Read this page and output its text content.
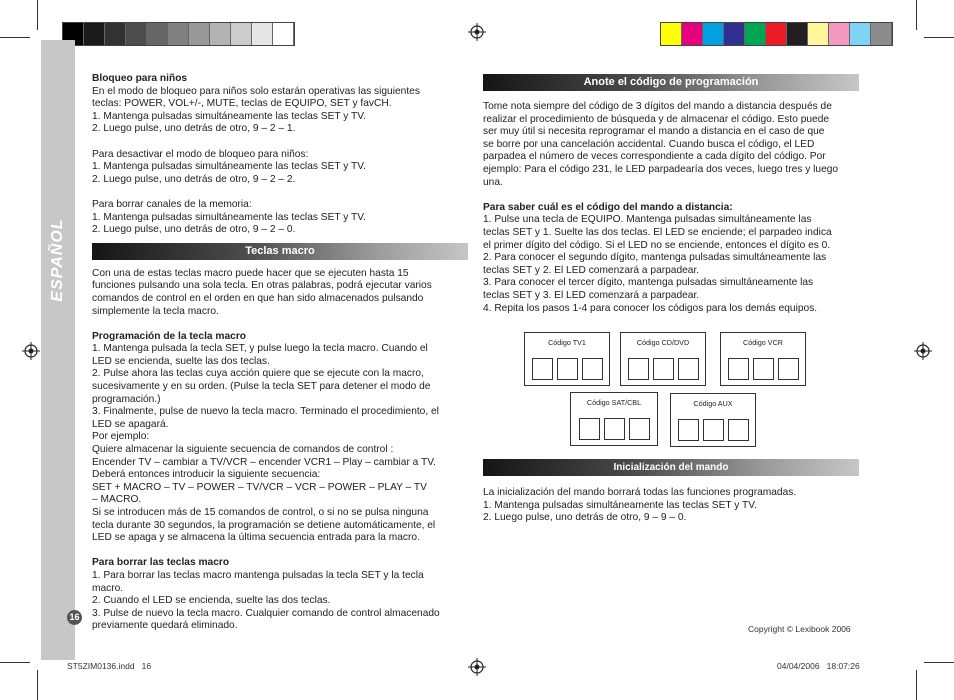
ESPAÑOL
16

Bloqueo para niños

En el modo de bloqueo para niños solo estarán operativas las siguientes

teclas: POWER, VOL+/-, MUTE, teclas de EQUIPO, SET y favCH.

1. Mantenga pulsadas simultáneamente las teclas SET y TV.

2. Luego pulse, uno detrás de otro, 9 – 2 – 1.

Para desactivar el modo de bloqueo para niños:

1. Mantenga pulsadas simultáneamente las teclas SET y TV.

2. Luego pulse, uno detrás de otro, 9 – 2 – 2.

Para borrar canales de la memoria:

1. Mantenga pulsadas simultáneamente las teclas SET y TV.

2. Luego pulse, uno detrás de otro, 9 – 2 – 0.

Teclas macro

Con una de estas teclas macro puede hacer que se ejecuten hasta 15

funciones pulsando una sola tecla. En otras palabras, podrá ejecutar varios

comandos de control en el orden en que han sido almacenados pulsando

simplemente la tecla macro.

Programación de la tecla macro

1. Mantenga pulsada la tecla SET, y pulse luego la tecla macro. Cuando el

LED se encienda, suelte las dos teclas.

2. Pulse ahora las teclas cuya acción quiere que se ejecute con la macro,

sucesivamente y en su orden. (Pulse la tecla SET para detener el modo de

programación.)

3. Finalmente, pulse de nuevo la tecla macro. Terminado el procedimiento, el

LED se apagará.

Por ejemplo:

Quiere almacenar la siguiente secuencia de comandos de control :

Encender TV – cambiar a TV/VCR – encender VCR1 – Play – cambiar a TV.

Deberá entonces introducir la siguiente secuencia:

SET + MACRO – TV – POWER – TV/VCR – VCR – POWER – PLAY – TV

– MACRO.

Si se introducen más de 15 comandos de control, o si no se pulsa ninguna

tecla durante 30 segundos, la programación se detiene automáticamente, el

LED se apaga y se almacena la última secuencia entrada para la macro.

Para borrar las teclas macro

1. Para borrar las teclas macro mantenga pulsadas la tecla SET y la tecla

macro.

2. Cuando el LED se encienda, suelte las dos teclas.

3. Pulse de nuevo la tecla macro. Cualquier comando de control almacenado

previamente quedará eliminado.

Anote el código de programación

Tome nota siempre del código de 3 dígitos del mando a distancia después de

realizar el procedimiento de búsqueda y de almacenar el código. Esto puede

ser muy útil si necesita reprogramar el mando a distancia en el caso de que

se borre por una cancelación accidental. Cuando busca el código, el LED

parpadea el número de veces correspondiente a cada dígito del código. Por

ejemplo: Para el código 231, le LED parpadearía dos veces, luego tres y luego

una.

Para saber cuál es el código del mando a distancia:

1. Pulse una tecla de EQUIPO. Mantenga pulsadas simultáneamente las

teclas SET y 1. Suelte las dos teclas. El LED se enciende; el parpadeo indica

el primer dígito del código. Si el LED no se enciende, entonces el dígito es 0.

2. Para conocer el segundo dígito, mantenga pulsadas simultáneamente las

teclas SET y 2. El LED comenzará a parpadear.

3. Para conocer el tercer dígito, mantenga pulsadas simultáneamente las

teclas SET y 3. El LED comenzará a parpadear.

4. Repita los pasos 1-4 para conocer los códigos para los demás equipos.

Código TV1	Código CD/DVD	Código VCR
Código SAT/CBL	Código AUX
Inicialización del mando

La inicialización del mando borrará todas las funciones programadas.

1. Mantenga pulsadas simultáneamente las teclas SET y TV.

2. Luego pulse, uno detrás de otro, 9 – 9 – 0.

Copyright © Lexibook 2006
ST5ZIM0136.indd   16	04/04/2006   18:07:26
